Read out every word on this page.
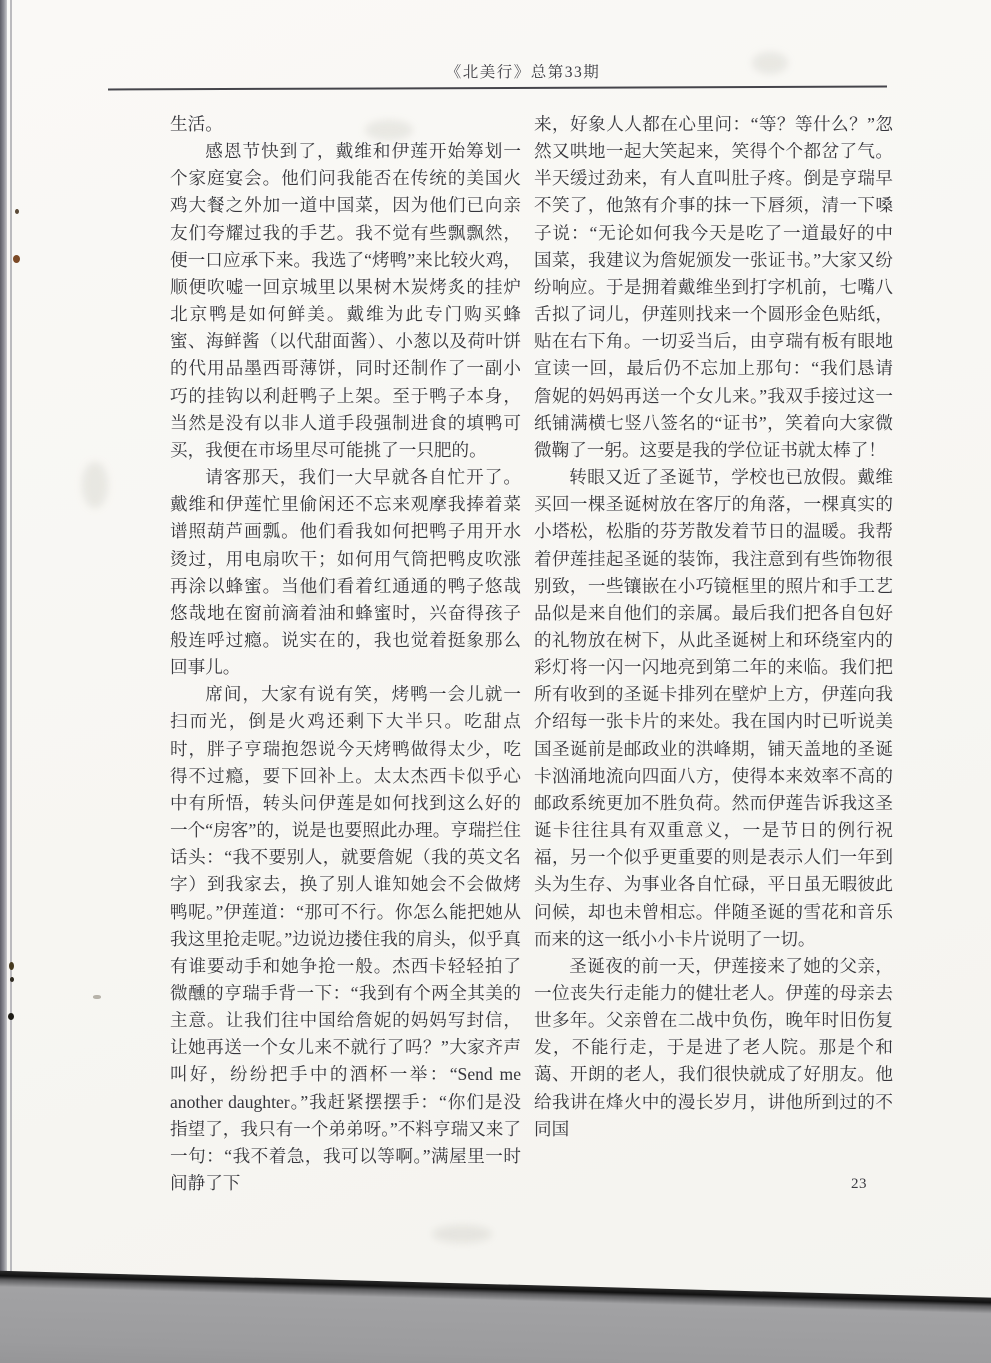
《北美行》总第33期

生活。

感恩节快到了，戴维和伊莲开始筹划一个家庭宴会。他们问我能否在传统的美国火鸡大餐之外加一道中国菜，因为他们已向亲友们夸耀过我的手艺。我不觉有些飘飘然，便一口应承下来。我选了“烤鸭”来比较火鸡，顺便吹嘘一回京城里以果树木炭烤炙的挂炉北京鸭是如何鲜美。戴维为此专门购买蜂蜜、海鲜酱（以代甜面酱）、小葱以及荷叶饼的代用品墨西哥薄饼，同时还制作了一副小巧的挂钩以利赶鸭子上架。至于鸭子本身，当然是没有以非人道手段强制进食的填鸭可买，我便在市场里尽可能挑了一只肥的。

请客那天，我们一大早就各自忙开了。戴维和伊莲忙里偷闲还不忘来观摩我捧着菜谱照葫芦画瓢。他们看我如何把鸭子用开水烫过，用电扇吹干；如何用气筒把鸭皮吹涨再涂以蜂蜜。当他们看着红通通的鸭子悠哉悠哉地在窗前滴着油和蜂蜜时，兴奋得孩子般连呼过瘾。说实在的，我也觉着挺象那么回事儿。

席间，大家有说有笑，烤鸭一会儿就一扫而光，倒是火鸡还剩下大半只。吃甜点时，胖子亨瑞抱怨说今天烤鸭做得太少，吃得不过瘾，要下回补上。太太杰西卡似乎心中有所悟，转头问伊莲是如何找到这么好的一个“房客”的，说是也要照此办理。亨瑞拦住话头：“我不要别人，就要詹妮（我的英文名字）到我家去，换了别人谁知她会不会做烤鸭呢。”伊莲道：“那可不行。你怎么能把她从我这里抢走呢。”边说边搂住我的肩头，似乎真有谁要动手和她争抢一般。杰西卡轻轻拍了微醺的亨瑞手背一下：“我到有个两全其美的主意。让我们往中国给詹妮的妈妈写封信，让她再送一个女儿来不就行了吗？”大家齐声叫好，纷纷把手中的酒杯一举：“Send me another daughter。”我赶紧摆摆手：“你们是没指望了，我只有一个弟弟呀。”不料亨瑞又来了一句：“我不着急，我可以等啊。”满屋里一时间静了下

来，好象人人都在心里问：“等？等什么？”忽然又哄地一起大笑起来，笑得个个都岔了气。半天缓过劲来，有人直叫肚子疼。倒是亨瑞早不笑了，他煞有介事的抹一下唇须，清一下嗓子说：“无论如何我今天是吃了一道最好的中国菜，我建议为詹妮颁发一张证书。”大家又纷纷响应。于是拥着戴维坐到打字机前，七嘴八舌拟了词儿，伊莲则找来一个圆形金色贴纸，贴在右下角。一切妥当后，由亨瑞有板有眼地宣读一回，最后仍不忘加上那句：“我们恳请詹妮的妈妈再送一个女儿来。”我双手接过这一纸铺满横七竖八签名的“证书”，笑着向大家微微鞠了一躬。这要是我的学位证书就太棒了！

转眼又近了圣诞节，学校也已放假。戴维买回一棵圣诞树放在客厅的角落，一棵真实的小塔松，松脂的芬芳散发着节日的温暖。我帮着伊莲挂起圣诞的装饰，我注意到有些饰物很别致，一些镶嵌在小巧镜框里的照片和手工艺品似是来自他们的亲属。最后我们把各自包好的礼物放在树下，从此圣诞树上和环绕室内的彩灯将一闪一闪地亮到第二年的来临。我们把所有收到的圣诞卡排列在壁炉上方，伊莲向我介绍每一张卡片的来处。我在国内时已听说美国圣诞前是邮政业的洪峰期，铺天盖地的圣诞卡汹涌地流向四面八方，使得本来效率不高的邮政系统更加不胜负荷。然而伊莲告诉我这圣诞卡往往具有双重意义，一是节日的例行祝福，另一个似乎更重要的则是表示人们一年到头为生存、为事业各自忙碌，平日虽无暇彼此问候，却也未曾相忘。伴随圣诞的雪花和音乐而来的这一纸小小卡片说明了一切。

圣诞夜的前一天，伊莲接来了她的父亲，一位丧失行走能力的健壮老人。伊莲的母亲去世多年。父亲曾在二战中负伤，晚年时旧伤复发，不能行走，于是进了老人院。那是个和蔼、开朗的老人，我们很快就成了好朋友。他给我讲在烽火中的漫长岁月，讲他所到过的不同国

23
